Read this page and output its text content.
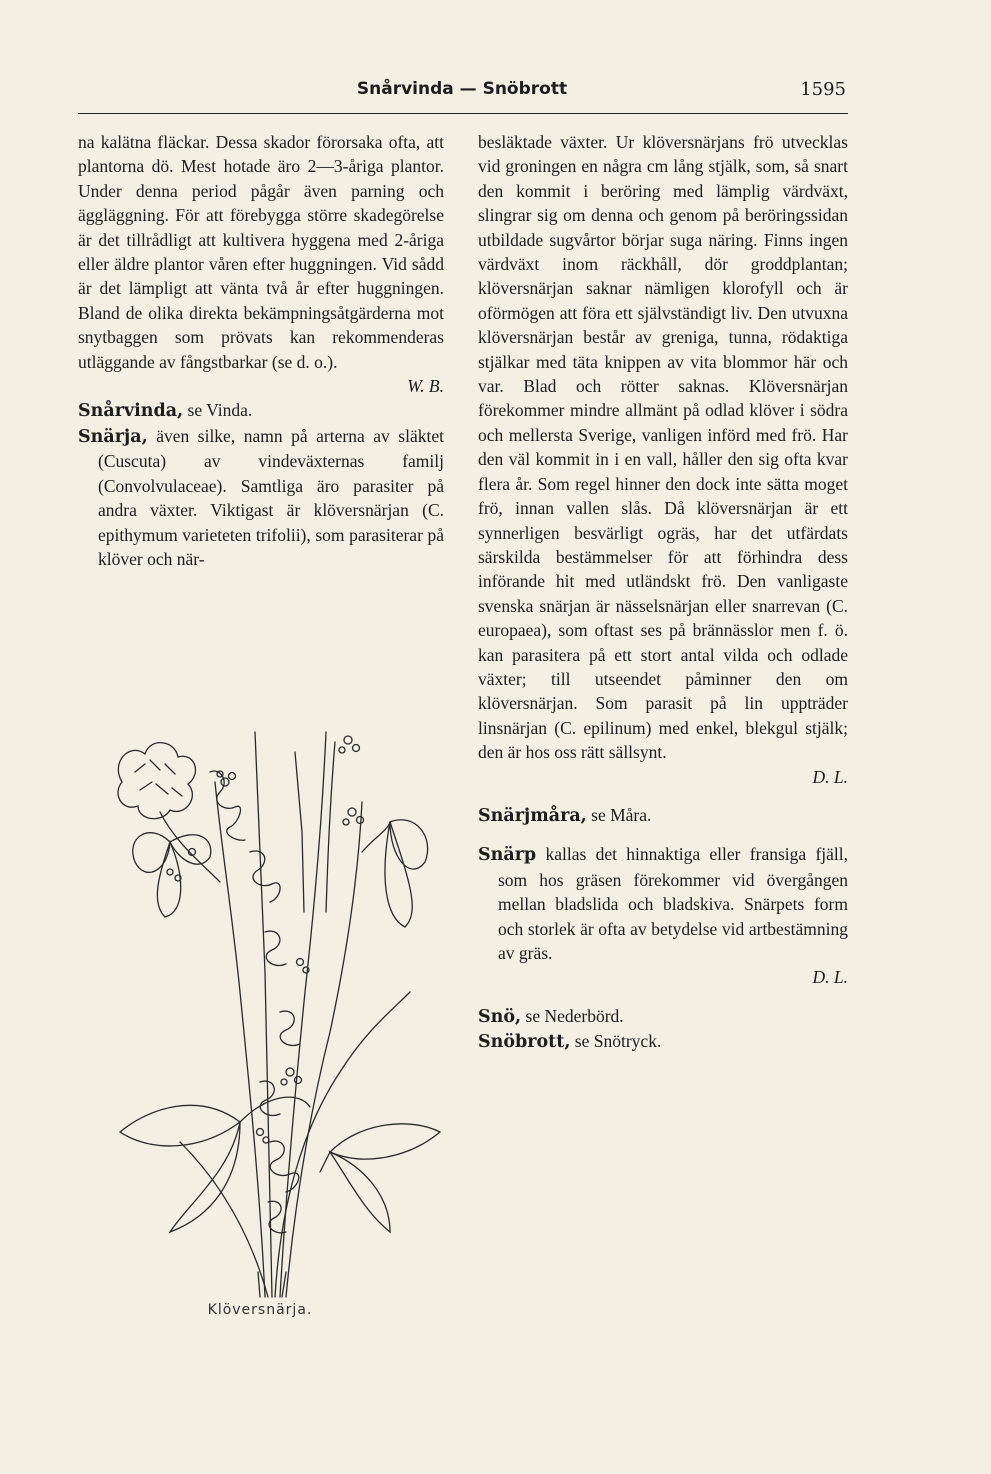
Snårvinda — Snöbrott	1595

na kalätna fläckar. Dessa skador förorsaka ofta, att plantorna dö. Mest hotade äro 2—3-åriga plantor. Under denna period pågår även parning och äggläggning. För att förebygga större skadegörelse är det tillrådligt att kultivera hyggena med 2-åriga eller äldre plantor våren efter huggningen. Vid sådd är det lämpligt att vänta två år efter huggningen. Bland de olika direkta bekämpningsåtgärderna mot snytbaggen som prövats kan rekommenderas utläggande av fångstbarkar (se d. o.).
W. B.

Snårvinda, se Vinda.

Snärja, även silke, namn på arterna av släktet (Cuscuta) av vindeväxternas familj (Convolvulaceae). Samtliga äro parasiter på andra växter. Viktigast är klöversnärjan (C. epithymum varieteten trifolii), som parasiterar på klöver och när-

Klöversnärja.

besläktade växter. Ur klöversnärjans frö utvecklas vid groningen en några cm lång stjälk, som, så snart den kommit i beröring med lämplig värdväxt, slingrar sig om denna och genom på beröringssidan utbildade sugvårtor börjar suga näring. Finns ingen värdväxt inom räckhåll, dör groddplantan; klöversnärjan saknar nämligen klorofyll och är oförmögen att föra ett självständigt liv. Den utvuxna klöversnärjan består av greniga, tunna, rödaktiga stjälkar med täta knippen av vita blommor här och var. Blad och rötter saknas. Klöversnärjan förekommer mindre allmänt på odlad klöver i södra och mellersta Sverige, vanligen införd med frö. Har den väl kommit in i en vall, håller den sig ofta kvar flera år. Som regel hinner den dock inte sätta moget frö, innan vallen slås. Då klöversnärjan är ett synnerligen besvärligt ogräs, har det utfärdats särskilda bestämmelser för att förhindra dess införande hit med utländskt frö. Den vanligaste svenska snärjan är nässelsnärjan eller snarrevan (C. europaea), som oftast ses på brännässlor men f. ö. kan parasitera på ett stort antal vilda och odlade växter; till utseendet påminner den om klöversnärjan. Som parasit på lin uppträder linsnärjan (C. epilinum) med enkel, blekgul stjälk; den är hos oss rätt sällsynt.
D. L.

Snärjmåra, se Måra.

Snärp kallas det hinnaktiga eller fransiga fjäll, som hos gräsen förekommer vid övergången mellan bladslida och bladskiva. Snärpets form och storlek är ofta av betydelse vid artbestämning av gräs.
D. L.

Snö, se Nederbörd.

Snöbrott, se Snötryck.
